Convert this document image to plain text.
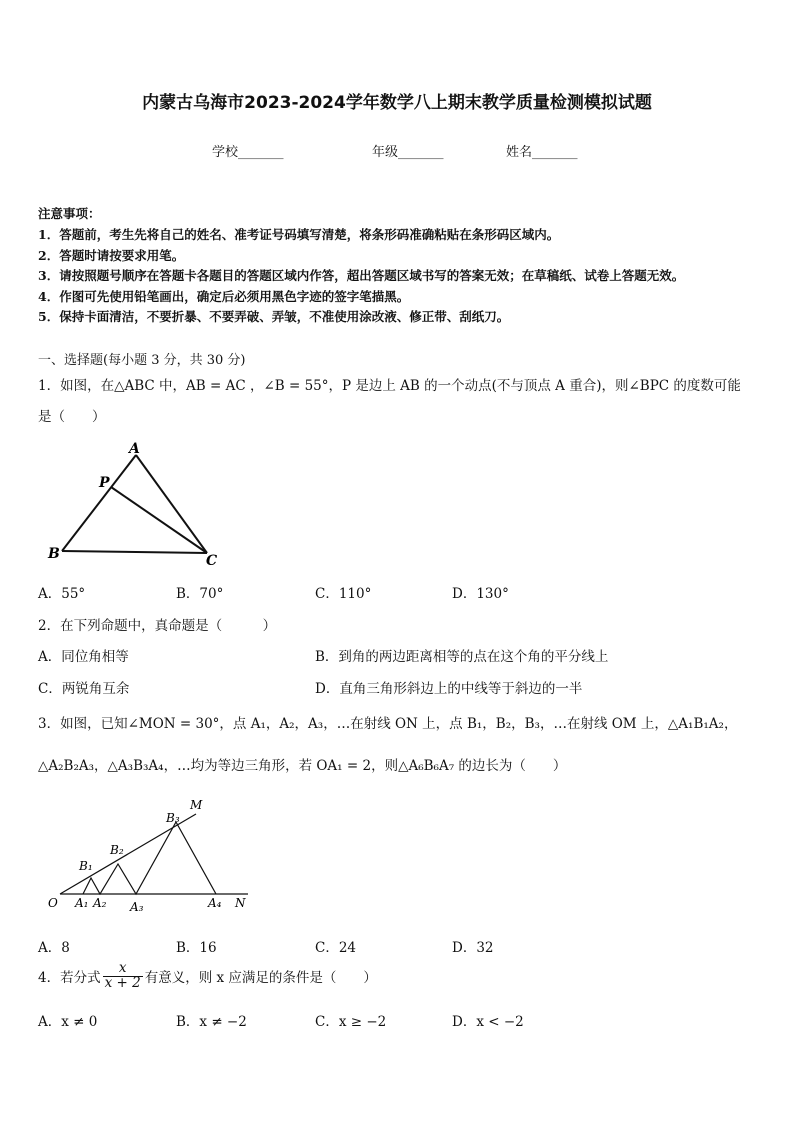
内蒙古乌海市2023-2024学年数学八上期末教学质量检测模拟试题
学校_______	年级_______	姓名_______
注意事项：
1．答题前，考生先将自己的姓名、准考证号码填写清楚，将条形码准确粘贴在条形码区域内。
2．答题时请按要求用笔。
3．请按照题号顺序在答题卡各题目的答题区域内作答，超出答题区域书写的答案无效；在草稿纸、试卷上答题无效。
4．作图可先使用铅笔画出，确定后必须用黑色字迹的签字笔描黑。
5．保持卡面清洁，不要折暴、不要弄破、弄皱，不准使用涂改液、修正带、刮纸刀。
一、选择题(每小题 3 分，共 30 分)
1．如图，在△ABC 中，AB = AC ，∠B = 55°，P 是边上 AB 的一个动点(不与顶点 A 重合)，则∠BPC 的度数可能
是（　　）
A
P
B	C
A．55°	B．70°	C．110°	D．130°
2．在下列命题中，真命题是（　　　）
A．同位角相等	B．到角的两边距离相等的点在这个角的平分线上
C．两锐角互余	D．直角三角形斜边上的中线等于斜边的一半
3．如图，已知∠MON = 30°，点 A₁，A₂，A₃，…在射线 ON 上，点 B₁，B₂，B₃，…在射线 OM 上，△A₁B₁A₂，
△A₂B₂A₃，△A₃B₃A₄，…均为等边三角形，若 OA₁ = 2，则△A₆B₆A₇ 的边长为（　　）
M
B₃
B₂
B₁
O A₁ A₂ A₃	A₄ N
A．8	B．16	C．24	D．32
4．若分式 $\frac{x}{x + 2}$ 有意义，则 x 应满足的条件是（　　）
A．x ≠ 0	B．x ≠ −2	C．x ≥ −2	D．x < −2
